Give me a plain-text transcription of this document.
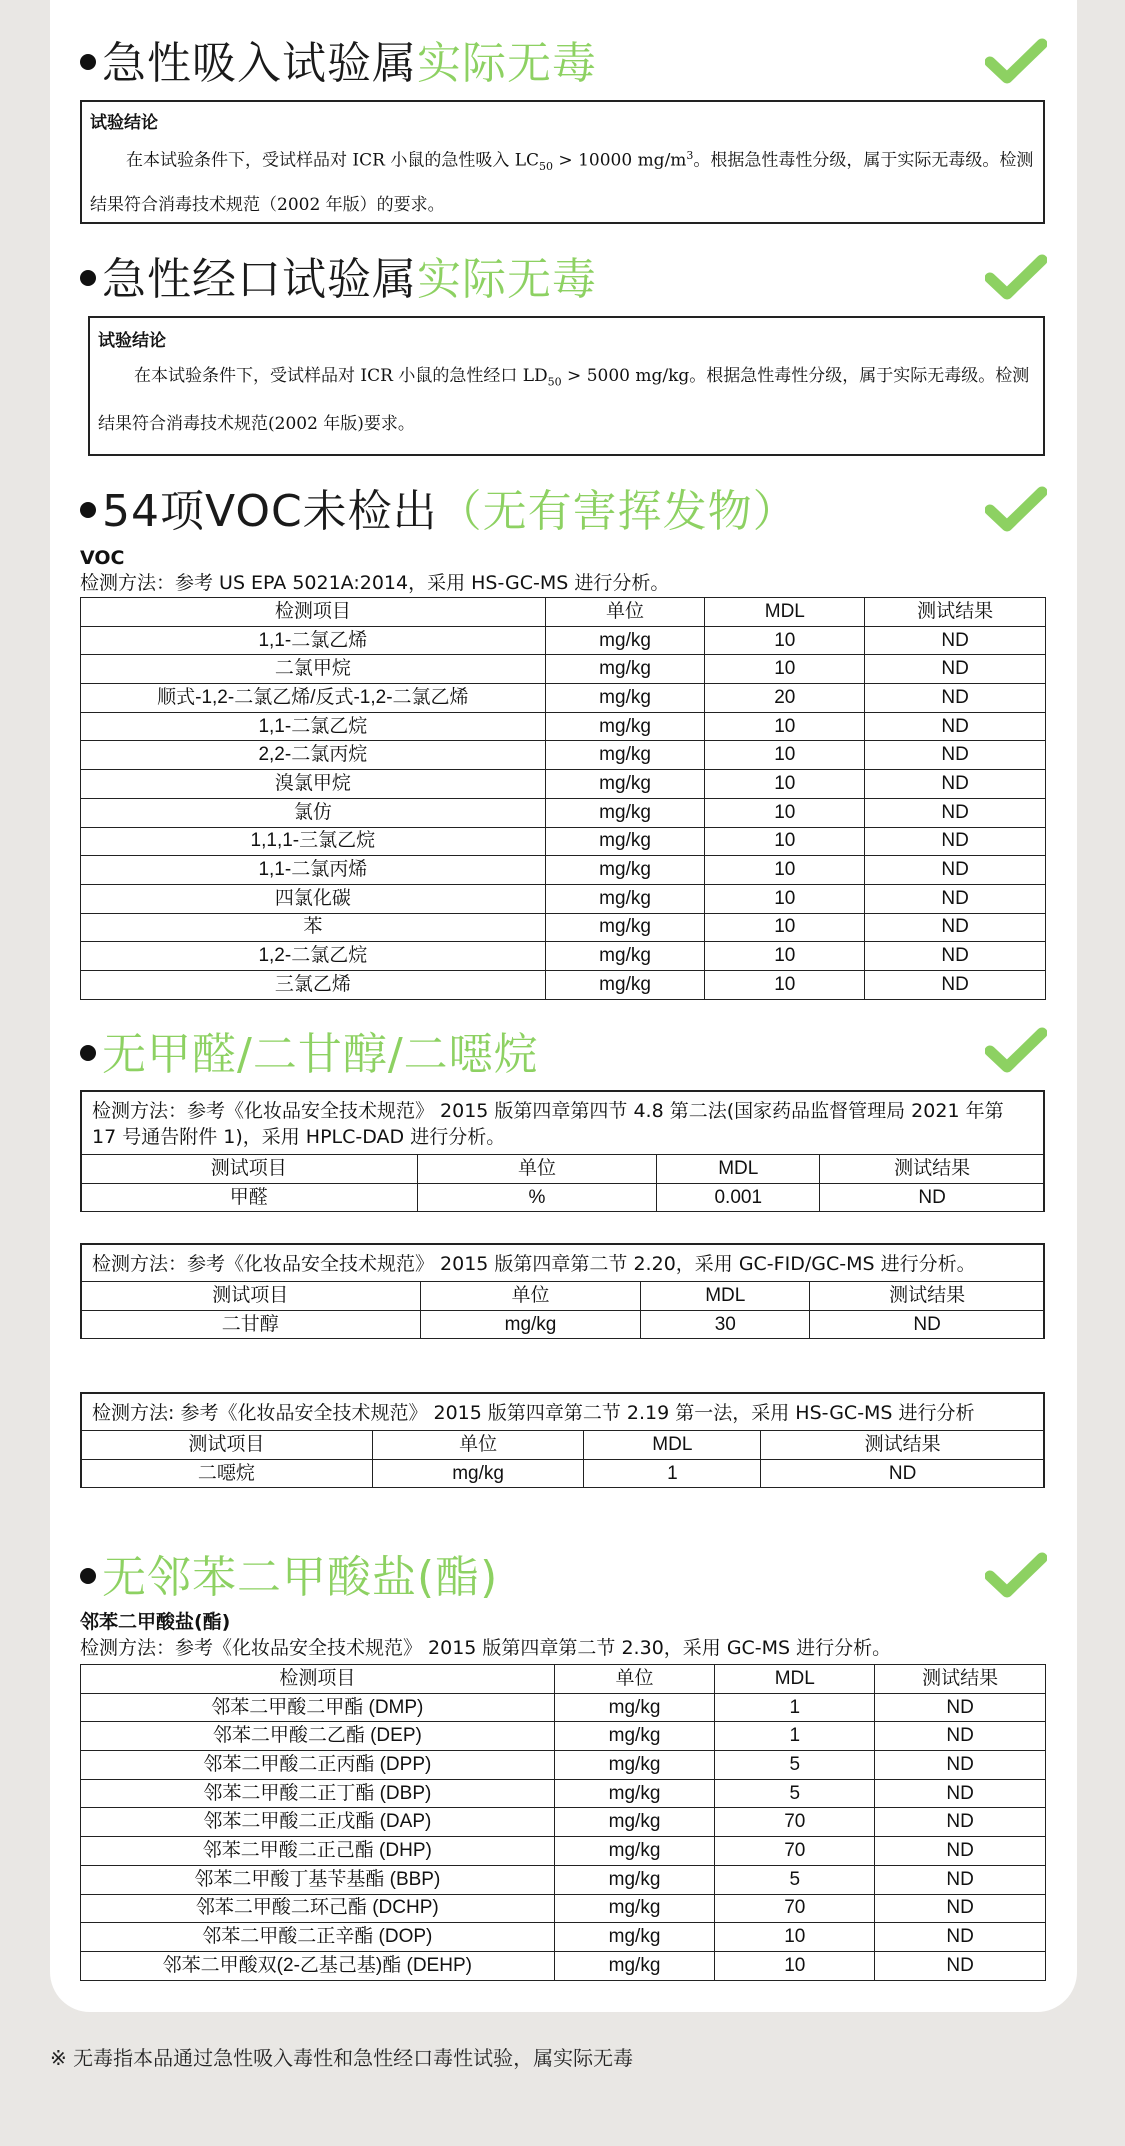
急性吸入试验属实际无毒
试验结论
在本试验条件下，受试样品对 ICR 小鼠的急性吸入 $LC_{50} > 10000$ $mg/m^3$。根据急性毒性分级，属于实际无毒级。检测结果符合消毒技术规范（2002 年版）的要求。
急性经口试验属实际无毒
试验结论
在本试验条件下，受试样品对 ICR 小鼠的急性经口 $LD_{50} > 5000$ mg/kg。根据急性毒性分级，属于实际无毒级。检测结果符合消毒技术规范(2002 年版)要求。
54项VOC未检出（无有害挥发物）
VOC
检测方法：参考 US EPA 5021A:2014，采用 HS-GC-MS 进行分析。
检测项目	单位	MDL	测试结果
1,1-二氯乙烯	mg/kg	10	ND
二氯甲烷	mg/kg	10	ND
顺式-1,2-二氯乙烯/反式-1,2-二氯乙烯	mg/kg	20	ND
1,1-二氯乙烷	mg/kg	10	ND
2,2-二氯丙烷	mg/kg	10	ND
溴氯甲烷	mg/kg	10	ND
氯仿	mg/kg	10	ND
1,1,1-三氯乙烷	mg/kg	10	ND
1,1-二氯丙烯	mg/kg	10	ND
四氯化碳	mg/kg	10	ND
苯	mg/kg	10	ND
1,2-二氯乙烷	mg/kg	10	ND
三氯乙烯	mg/kg	10	ND
无甲醛/二甘醇/二噁烷
检测方法：参考《化妆品安全技术规范》 2015 版第四章第四节 4.8 第二法(国家药品监督管理局 2021 年第 17 号通告附件 1)，采用 HPLC-DAD 进行分析。
测试项目	单位	MDL	测试结果
甲醛	%	0.001	ND
检测方法：参考《化妆品安全技术规范》 2015 版第四章第二节 2.20，采用 GC-FID/GC-MS 进行分析。
测试项目	单位	MDL	测试结果
二甘醇	mg/kg	30	ND
检测方法: 参考《化妆品安全技术规范》 2015 版第四章第二节 2.19 第一法，采用 HS-GC-MS 进行分析
测试项目	单位	MDL	测试结果
二噁烷	mg/kg	1	ND
无邻苯二甲酸盐(酯)
邻苯二甲酸盐(酯)
检测方法：参考《化妆品安全技术规范》 2015 版第四章第二节 2.30，采用 GC-MS 进行分析。
检测项目	单位	MDL	测试结果
邻苯二甲酸二甲酯 (DMP)	mg/kg	1	ND
邻苯二甲酸二乙酯 (DEP)	mg/kg	1	ND
邻苯二甲酸二正丙酯 (DPP)	mg/kg	5	ND
邻苯二甲酸二正丁酯 (DBP)	mg/kg	5	ND
邻苯二甲酸二正戊酯 (DAP)	mg/kg	70	ND
邻苯二甲酸二正己酯 (DHP)	mg/kg	70	ND
邻苯二甲酸丁基苄基酯 (BBP)	mg/kg	5	ND
邻苯二甲酸二环己酯 (DCHP)	mg/kg	70	ND
邻苯二甲酸二正辛酯 (DOP)	mg/kg	10	ND
邻苯二甲酸双(2-乙基己基)酯 (DEHP)	mg/kg	10	ND
※ 无毒指本品通过急性吸入毒性和急性经口毒性试验，属实际无毒
